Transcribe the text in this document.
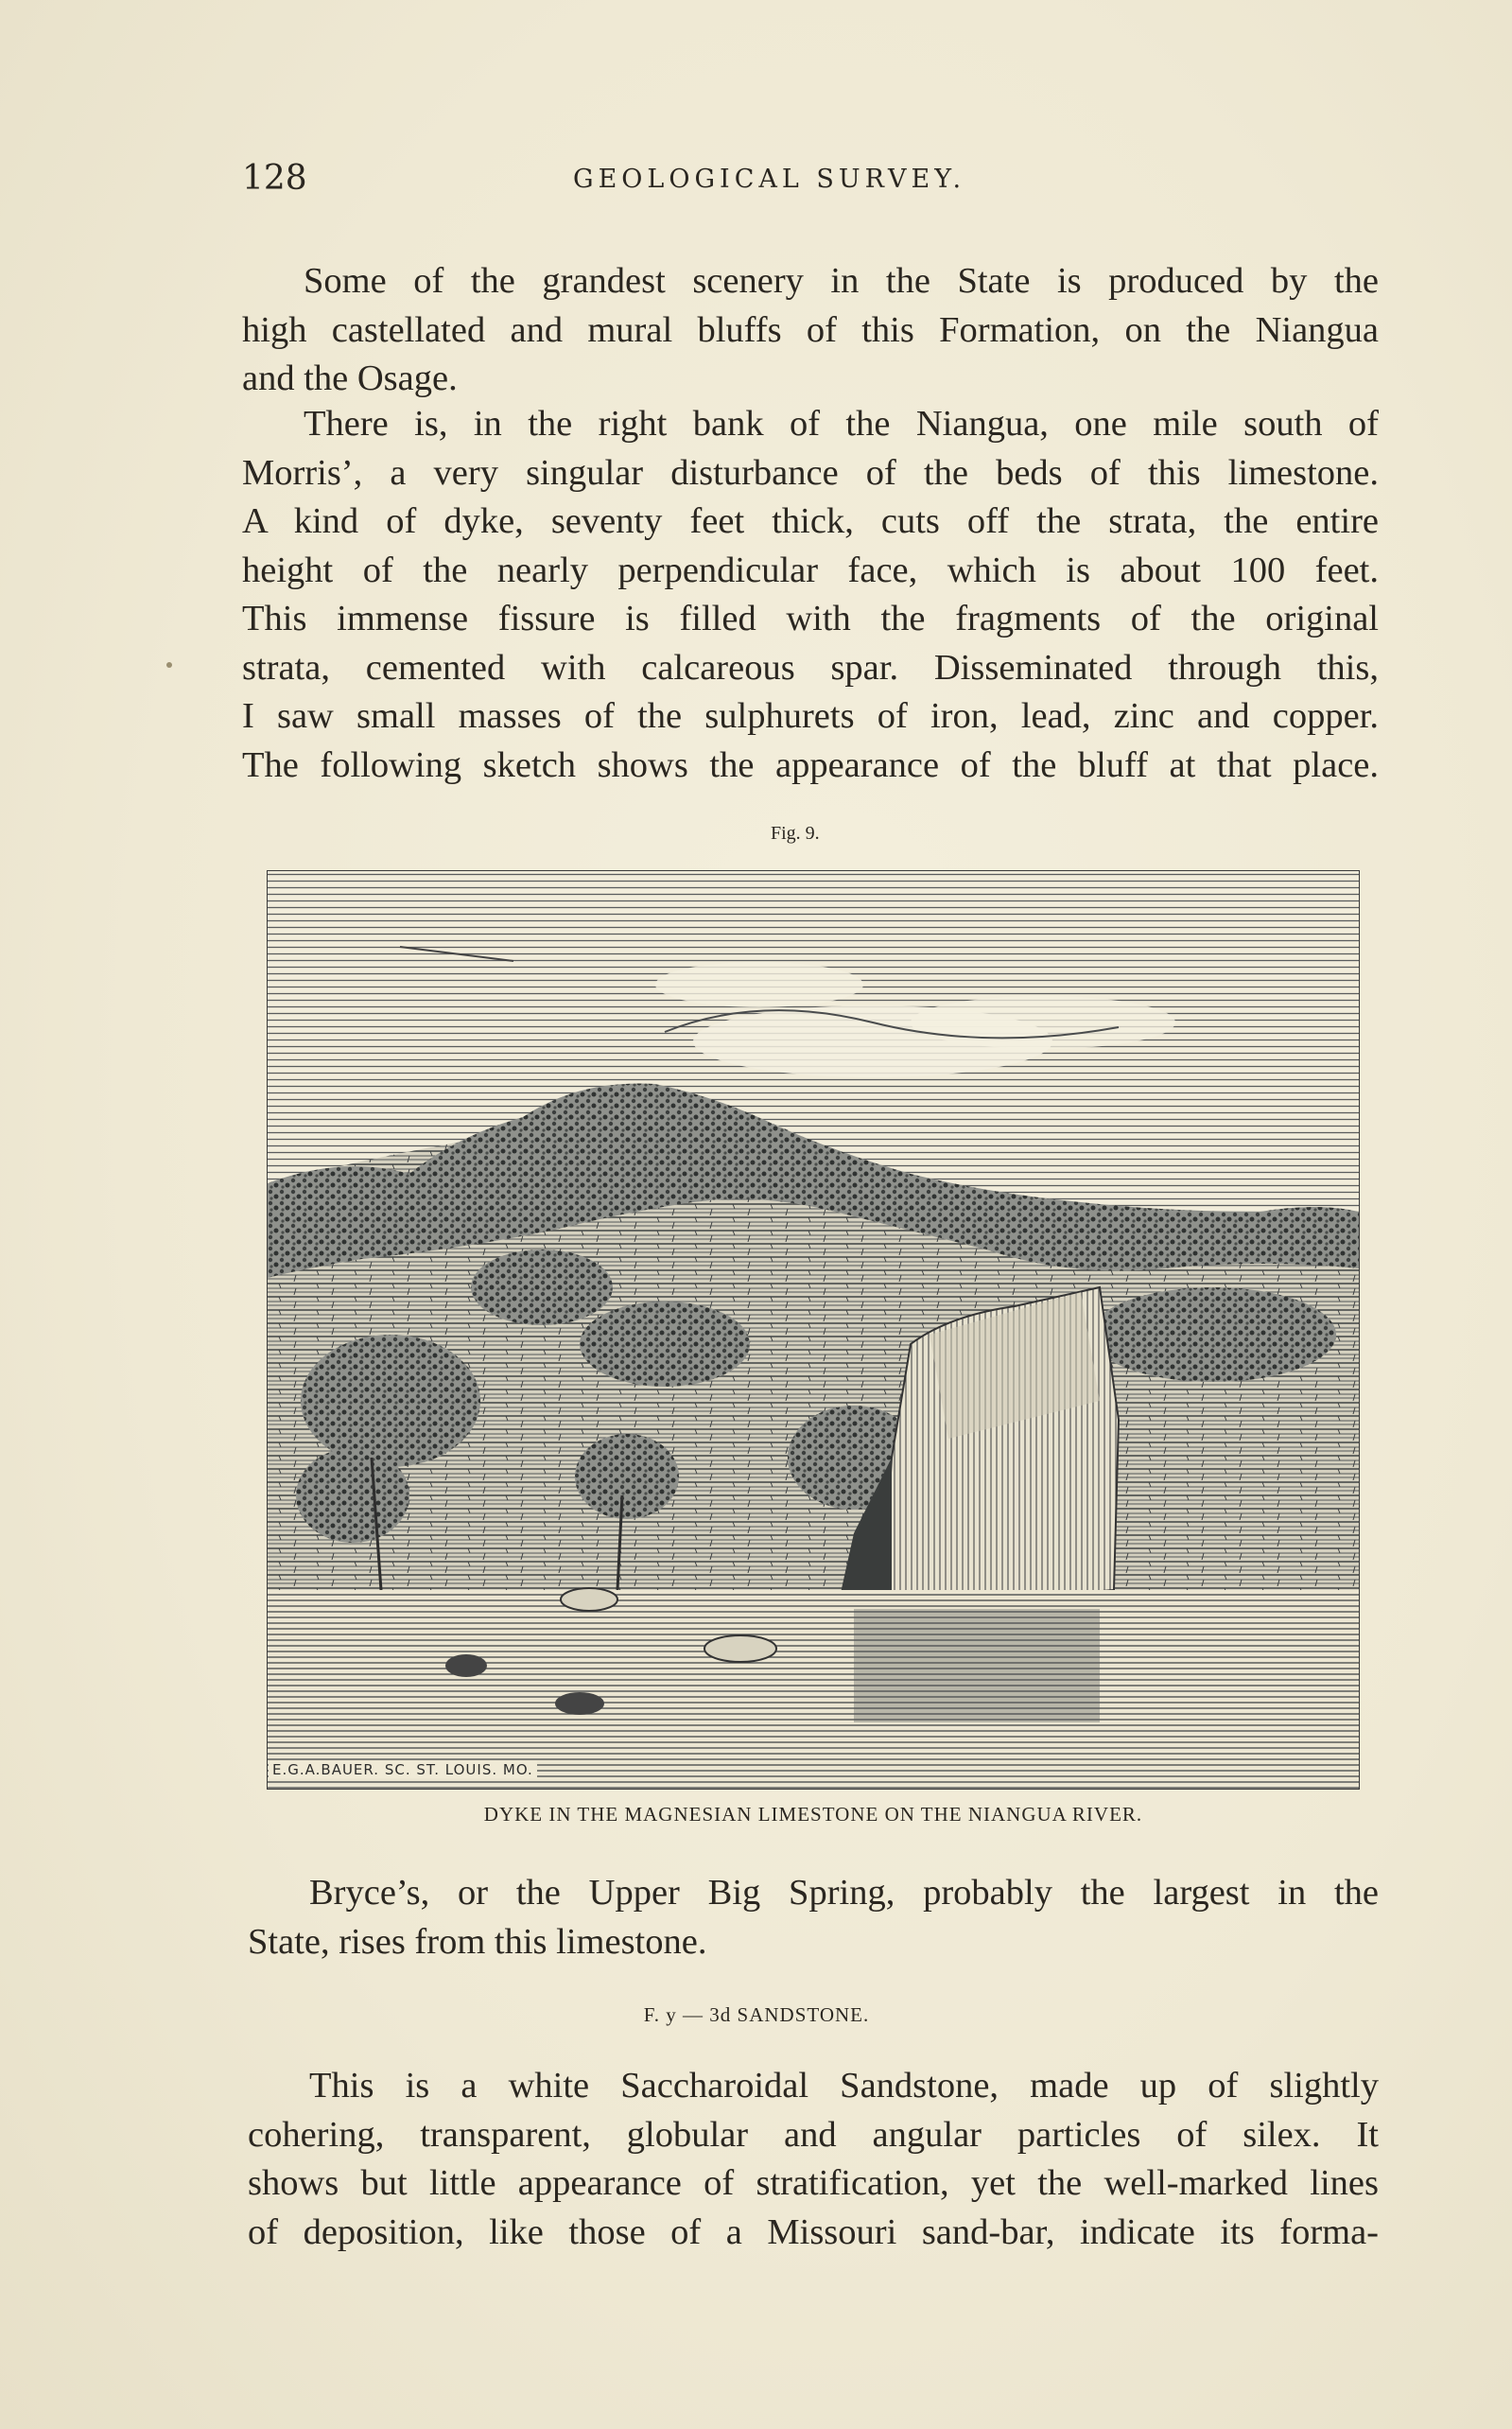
128	GEOLOGICAL SURVEY.
Some of the grandest scenery in the State is produced by the
high castellated and mural bluffs of this Formation, on the Niangua
and the Osage.
There is, in the right bank of the Niangua, one mile south of
Morris’, a very singular disturbance of the beds of this limestone.
A kind of dyke, seventy feet thick, cuts off the strata, the entire
height of the nearly perpendicular face, which is about 100 feet.
This immense fissure is filled with the fragments of the original
strata, cemented with calcareous spar. Disseminated through this,
I saw small masses of the sulphurets of iron, lead, zinc and copper.
The following sketch shows the appearance of the bluff at that place.
Fig. 9.
E.G.A.BAUER. SC. ST. LOUIS. MO.
DYKE IN THE MAGNESIAN LIMESTONE ON THE NIANGUA RIVER.
Bryce’s, or the Upper Big Spring, probably the largest in the
State, rises from this limestone.
F. y — 3d SANDSTONE.
This is a white Saccharoidal Sandstone, made up of slightly
cohering, transparent, globular and angular particles of silex. It
shows but little appearance of stratification, yet the well-marked lines
of deposition, like those of a Missouri sand-bar, indicate its forma-
